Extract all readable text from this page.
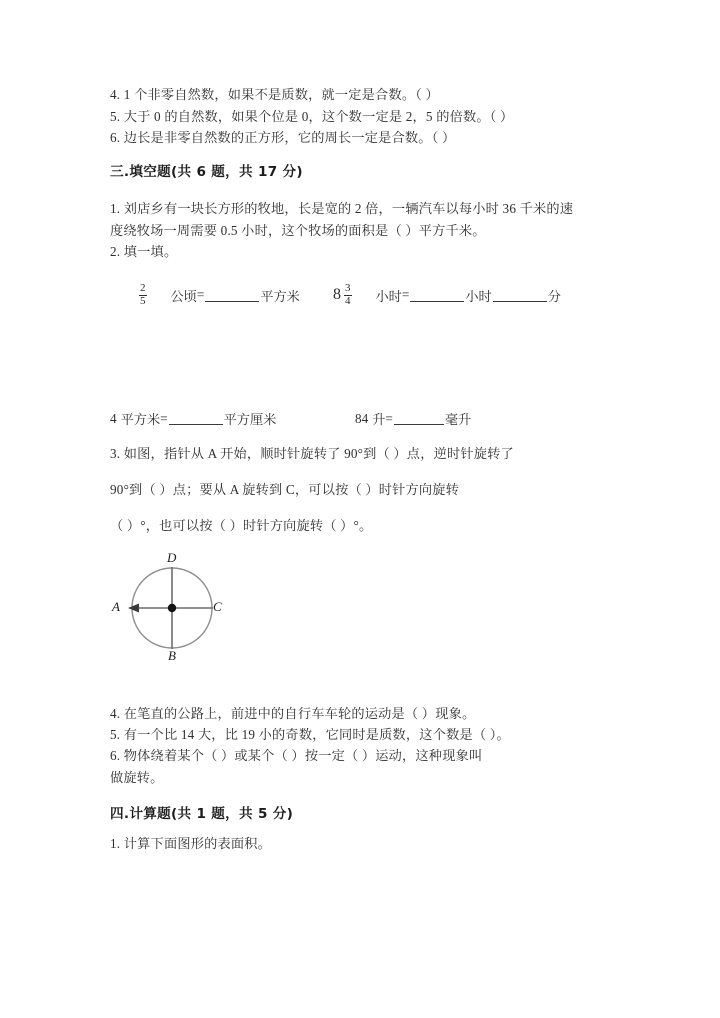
4. 1 个非零自然数，如果不是质数，就一定是合数。（ ）
5. 大于 0 的自然数，如果个位是 0，这个数一定是 2，5 的倍数。（ ）
6. 边长是非零自然数的正方形，它的周长一定是合数。（ ）
三.填空题(共 6 题，共 17 分)
1. 刘店乡有一块长方形的牧地，长是宽的 2 倍，一辆汽车以每小时 36 千米的速
度绕牧场一周需要 0.5 小时，这个牧场的面积是（ ）平方千米。
2. 填一填。
$\frac{2}{5}$ 公顷 =	平方米 $8 \frac{3}{4}$ 小时 =	小时	分
4 平方米 =	平方厘米	84 升 =	毫升
3. 如图，指针从 A 开始，顺时针旋转了 90°到（ ）点，逆时针旋转了
90°到（ ）点；要从 A 旋转到 C，可以按（ ）时针方向旋转
（ ）°，也可以按（ ）时针方向旋转（ ）°。
A
B
C
D
4. 在笔直的公路上，前进中的自行车车轮的运动是（ ）现象。
5. 有一个比 14 大，比 19 小的奇数，它同时是质数，这个数是（ ）。
6. 物体绕着某个（ ）或某个（ ）按一定（ ）运动，这种现象叫
做旋转。
四.计算题(共 1 题，共 5 分)
1. 计算下面图形的表面积。
